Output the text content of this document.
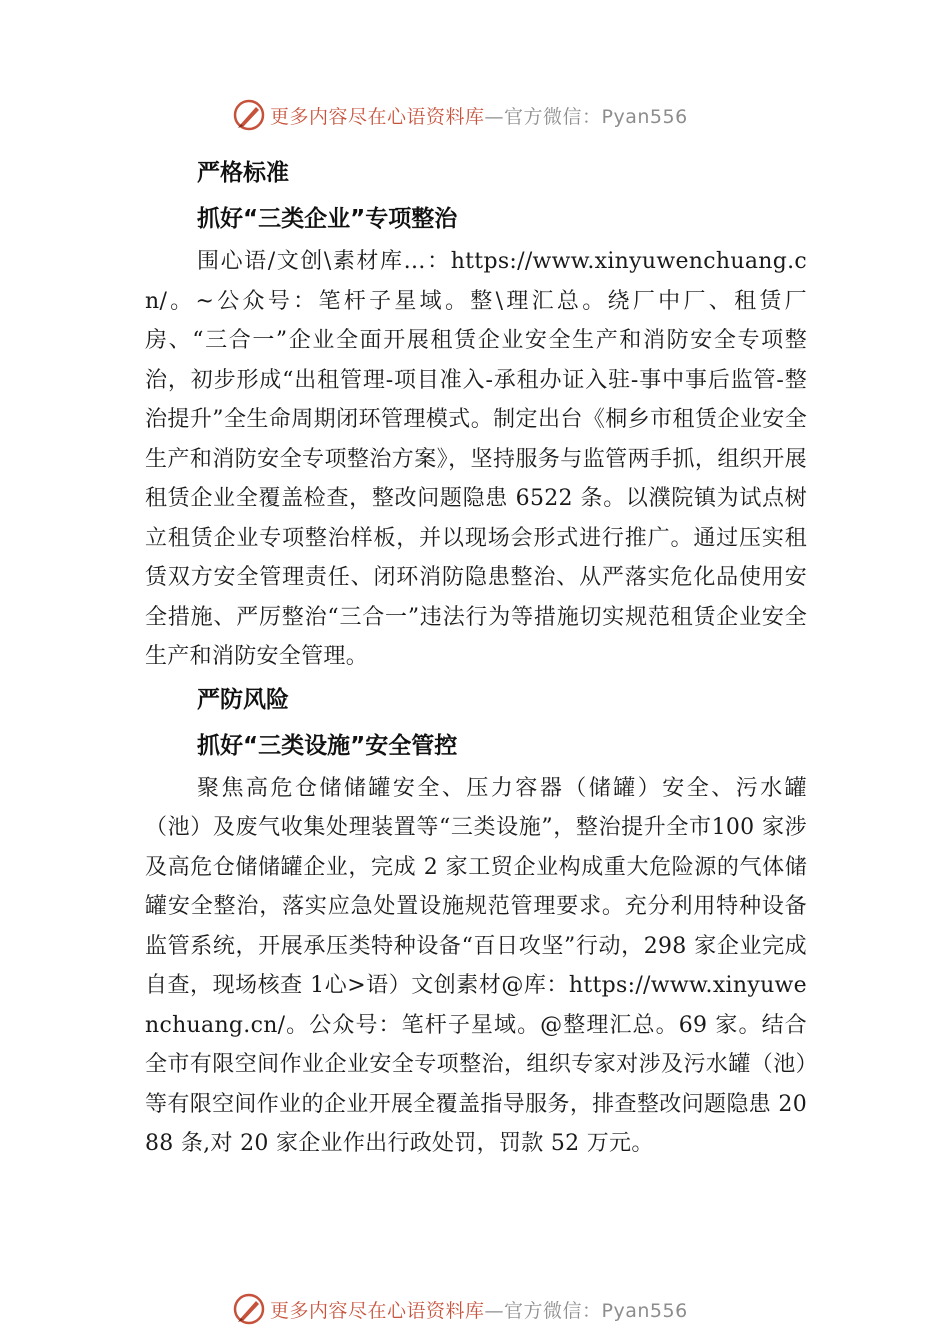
更多内容尽在心语资料库—官方微信：Pyan556
严格标准
抓好“三类企业”专项整治

围心语/文创\素材库…：https://www.xinyuwenchuang.cn/。~公众号：笔杆子星域。整\理汇总。绕厂中厂、租赁厂房、“三合一”企业全面开展租赁企业安全生产和消防安全专项整治，初步形成“出租管理-项目准入-承租办证入驻-事中事后监管-整治提升”全生命周期闭环管理模式。制定出台《桐乡市租赁企业安全生产和消防安全专项整治方案》，坚持服务与监管两手抓，组织开展租赁企业全覆盖检查，整改问题隐患 6522 条。以濮院镇为试点树立租赁企业专项整治样板，并以现场会形式进行推广。通过压实租赁双方安全管理责任、闭环消防隐患整治、从严落实危化品使用安全措施、严厉整治“三合一”违法行为等措施切实规范租赁企业安全生产和消防安全管理。

严防风险
抓好“三类设施”安全管控

聚焦高危仓储储罐安全、压力容器（储罐）安全、污水罐（池）及废气收集处理装置等“三类设施”，整治提升全市100 家涉及高危仓储储罐企业，完成 2 家工贸企业构成重大危险源的气体储罐安全整治，落实应急处置设施规范管理要求。充分利用特种设备监管系统，开展承压类特种设备“百日攻坚”行动，298 家企业完成自查，现场核查 1心>语）文创素材@库：https://www.xinyuwenchuang.cn/。公众号：笔杆子星域。@整理汇总。69 家。结合全市有限空间作业企业安全专项整治，组织专家对涉及污水罐（池）等有限空间作业的企业开展全覆盖指导服务，排查整改问题隐患 2088 条,对 20 家企业作出行政处罚，罚款 52 万元。

更多内容尽在心语资料库—官方微信：Pyan556
